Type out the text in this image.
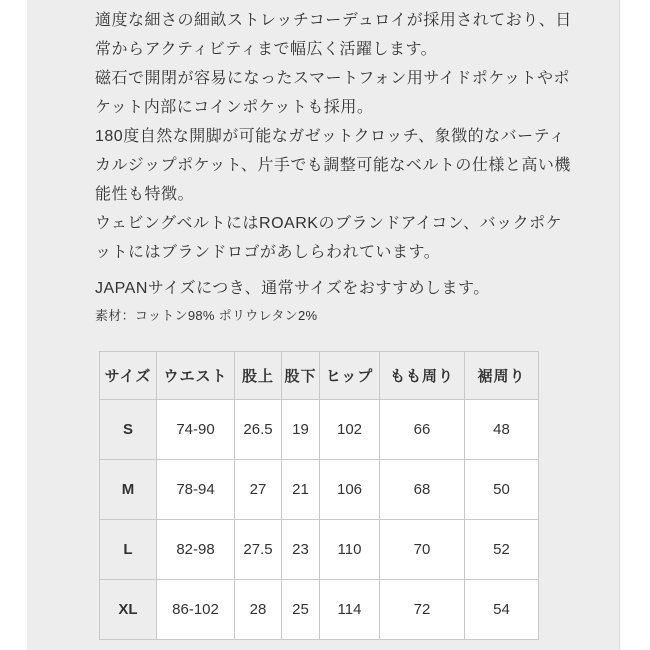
適度な細さの細畝ストレッチコーデュロイが採用されており、日
常からアクティビティまで幅広く活躍します。
磁石で開閉が容易になったスマートフォン用サイドポケットやポ
ケット内部にコインポケットも採用。
180度自然な開脚が可能なガゼットクロッチ、象徴的なバーティ
カルジップポケット、片手でも調整可能なベルトの仕様と高い機
能性も特徴。
ウェビングベルトにはROARKのブランドアイコン、バックポケ
ットにはブランドロゴがあしらわれています。
JAPANサイズにつき、通常サイズをおすすめします。
素材：コットン98% ポリウレタン2%
サイズ	ウエスト	股上	股下	ヒップ	もも周り	裾周り
S	74-90	26.5	19	102	66	48
M	78-94	27	21	106	68	50
L	82-98	27.5	23	110	70	52
XL	86-102	28	25	114	72	54
